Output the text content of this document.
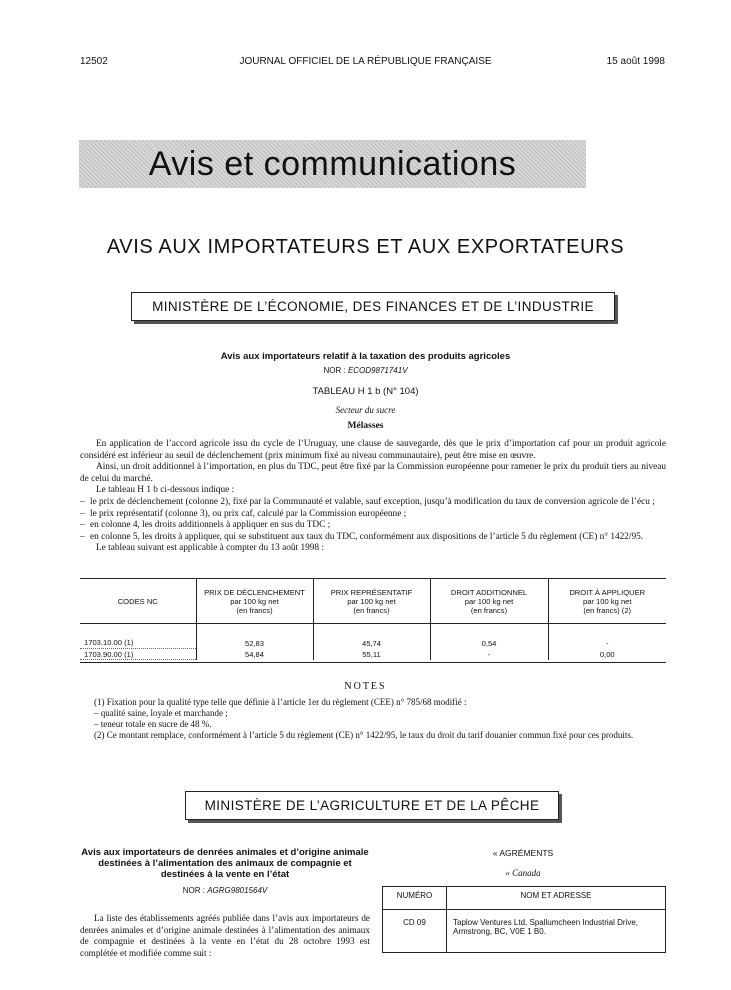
12502	JOURNAL OFFICIEL DE LA RÉPUBLIQUE FRANÇAISE	15 août 1998
Avis et communications
AVIS AUX IMPORTATEURS ET AUX EXPORTATEURS
MINISTÈRE DE L’ÉCONOMIE, DES FINANCES ET DE L’INDUSTRIE
Avis aux importateurs relatif à la taxation des produits agricoles
NOR : ECOD9871741V
TABLEAU H 1 b (N° 104)
Secteur du sucre
Mélasses

En application de l’accord agricole issu du cycle de l’Uruguay, une clause de sauvegarde, dès que le prix d’importation caf pour un produit agricole considéré est inférieur au seuil de déclenchement (prix minimum fixé au niveau communautaire), peut être mise en œuvre.

Ainsi, un droit additionnel à l’importation, en plus du TDC, peut être fixé par la Commission européenne pour ramener le prix du produit tiers au niveau de celui du marché.

Le tableau H 1 b ci-dessous indique :

– le prix de déclenchement (colonne 2), fixé par la Communauté et valable, sauf exception, jusqu’à modification du taux de conversion agricole de l’écu ;

– le prix représentatif (colonne 3), ou prix caf, calculé par la Commission européenne ;

– en colonne 4, les droits additionnels à appliquer en sus du TDC ;

– en colonne 5, les droits à appliquer, qui se substituent aux taux du TDC, conformément aux dispositions de l’article 5 du règlement (CE) n° 1422/95.

Le tableau suivant est applicable à compter du 13 août 1998 :

CODES NC	PRIX DE DÉCLENCHEMENT
par 100 kg net
(en francs)	PRIX REPRÉSENTATIF
par 100 kg net
(en francs)	DROIT ADDITIONNEL
par 100 kg net
(en francs)	DROIT À APPLIQUER
par 100 kg net
(en francs) (2)

1703.10.00 (1)	52,83	45,74	0,54	-
1703.90.00 (1)	54,84	55,11	-	0,00
NOTES

(1) Fixation pour la qualité type telle que définie à l’article 1er du règlement (CEE) n° 785/68 modifié :

– qualité saine, loyale et marchande ;

– teneur totale en sucre de 48 %.

(2) Ce montant remplace, conformément à l’article 5 du règlement (CE) n° 1422/95, le taux du droit du tarif douanier commun fixé pour ces produits.

MINISTÈRE DE L’AGRICULTURE ET DE LA PÊCHE
Avis aux importateurs de denrées animales et d’origine animale destinées à l’alimentation des animaux de compagnie et destinées à la vente en l’état
NOR : AGRG9801564V

La liste des établissements agréés publiée dans l’avis aux importateurs de denrées animales et d’origine animale destinées à l’alimentation des animaux de compagnie et destinées à la vente en l’état du 28 octobre 1993 est complétée et modifiée comme suit :

« AGRÉMENTS
« Canada
NUMÉRO	NOM ET ADRESSE
CD 09	Taplow Ventures Ltd, Spallumcheen Industrial Drive, Armstrong, BC, V0E 1 B0.
